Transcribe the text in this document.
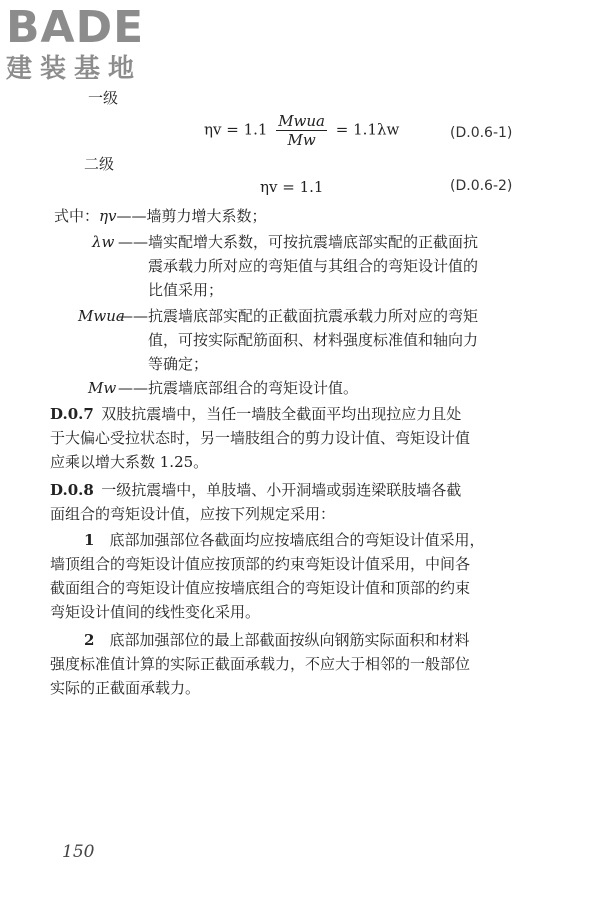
BADE
建装基地
一级
$\eta v = 1.1 \frac{\text{Mwua}}{Mw} = 1.1\lambda w$	(D.0.6-1)
二级
ηv = 1.1	(D.0.6-2)
式中：ηv——墙剪力增大系数；
λw ——墙实配增大系数，可按抗震墙底部实配的正截面抗
震承载力所对应的弯矩值与其组合的弯矩设计值的
比值采用；
Mwua
——抗震墙底部实配的正截面抗震承载力所对应的弯矩
值，可按实际配筋面积、材料强度标准值和轴向力
等确定；
Mw ——抗震墙底部组合的弯矩设计值。
D.0.7  双肢抗震墙中，当任一墙肢全截面平均出现拉应力且处
于大偏心受拉状态时，另一墙肢组合的剪力设计值、弯矩设计值
应乘以增大系数 1.25。
D.0.8  一级抗震墙中，单肢墙、小开洞墙或弱连梁联肢墙各截
面组合的弯矩设计值，应按下列规定采用：
1  底部加强部位各截面均应按墙底组合的弯矩设计值采用，
墙顶组合的弯矩设计值应按顶部的约束弯矩设计值采用，中间各
截面组合的弯矩设计值应按墙底组合的弯矩设计值和顶部的约束
弯矩设计值间的线性变化采用。
2  底部加强部位的最上部截面按纵向钢筋实际面积和材料
强度标准值计算的实际正截面承载力，不应大于相邻的一般部位
实际的正截面承载力。
150
